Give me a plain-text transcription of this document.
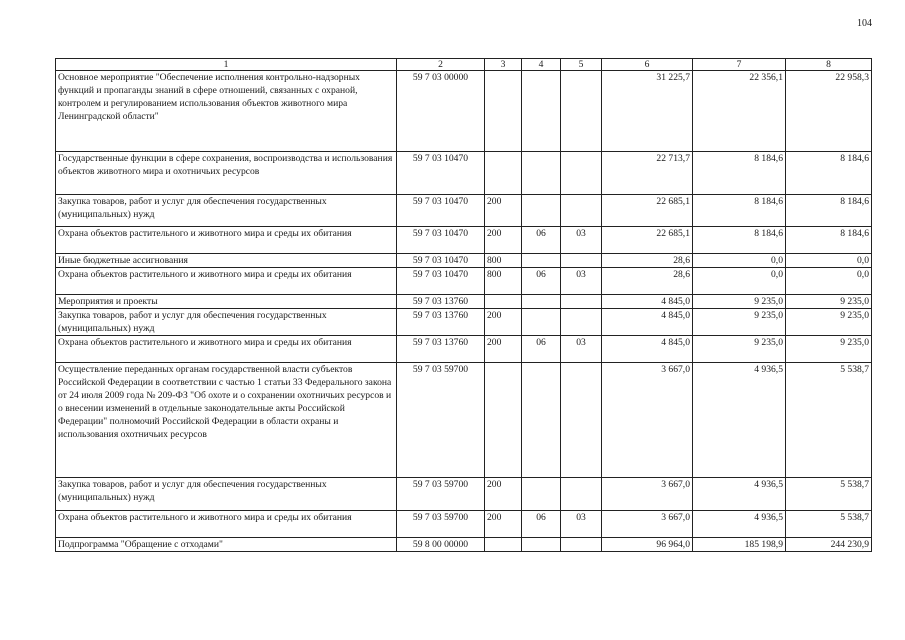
104
1	2	3	4	5	6	7	8
Основное мероприятие "Обеспечение исполнения контрольно-надзорных функций и пропаганды знаний в сфере отношений, связанных с охраной, контролем и регулированием использования объектов животного мира Ленинградской области"	59 7 03 00000				31 225,7	22 356,1	22 958,3
Государственные функции в сфере сохранения, воспроизводства и использования объектов животного мира и охотничьих ресурсов	59 7 03 10470				22 713,7	8 184,6	8 184,6
Закупка товаров, работ и услуг для обеспечения государственных (муниципальных) нужд	59 7 03 10470	200			22 685,1	8 184,6	8 184,6
Охрана объектов растительного и животного мира и среды их обитания	59 7 03 10470	200	06	03	22 685,1	8 184,6	8 184,6
Иные бюджетные ассигнования	59 7 03 10470	800			28,6	0,0	0,0
Охрана объектов растительного и животного мира и среды их обитания	59 7 03 10470	800	06	03	28,6	0,0	0,0
Мероприятия и проекты	59 7 03 13760				4 845,0	9 235,0	9 235,0
Закупка товаров, работ и услуг для обеспечения государственных (муниципальных) нужд	59 7 03 13760	200			4 845,0	9 235,0	9 235,0
Охрана объектов растительного и животного мира и среды их обитания	59 7 03 13760	200	06	03	4 845,0	9 235,0	9 235,0
Осуществление переданных органам государственной власти субъектов Российской Федерации в соответствии с частью 1 статьи 33 Федерального закона от 24 июля 2009 года № 209-ФЗ "Об охоте и о сохранении охотничьих ресурсов и о внесении изменений в отдельные законодательные акты Российской Федерации" полномочий Российской Федерации в области охраны и использования охотничьих ресурсов	59 7 03 59700				3 667,0	4 936,5	5 538,7
Закупка товаров, работ и услуг для обеспечения государственных (муниципальных) нужд	59 7 03 59700	200			3 667,0	4 936,5	5 538,7
Охрана объектов растительного и животного мира и среды их обитания	59 7 03 59700	200	06	03	3 667,0	4 936,5	5 538,7
Подпрограмма "Обращение с отходами"	59 8 00 00000				96 964,0	185 198,9	244 230,9
